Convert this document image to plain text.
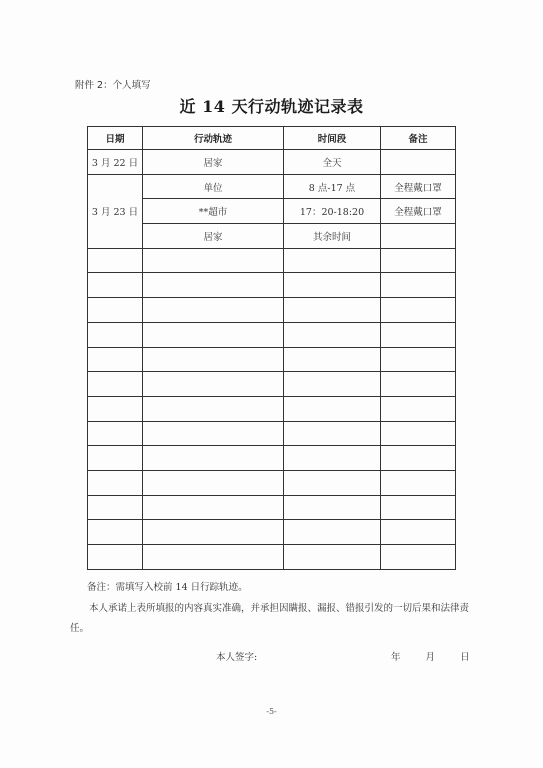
附件 2：个人填写
近 14 天行动轨迹记录表
日期	行动轨迹	时间段	备注
3 月 22 日	居家	全天	
3 月 23 日	单位	8 点-17 点	全程戴口罩
	**超市	17：20-18:20	全程戴口罩
	居家	其余时间	

备注：需填写入校前 14 日行踪轨迹。
本人承诺上表所填报的内容真实准确，并承担因瞒报、漏报、错报引发的一切后果和法律责任。
本人签字:	年	月	日
-5-
